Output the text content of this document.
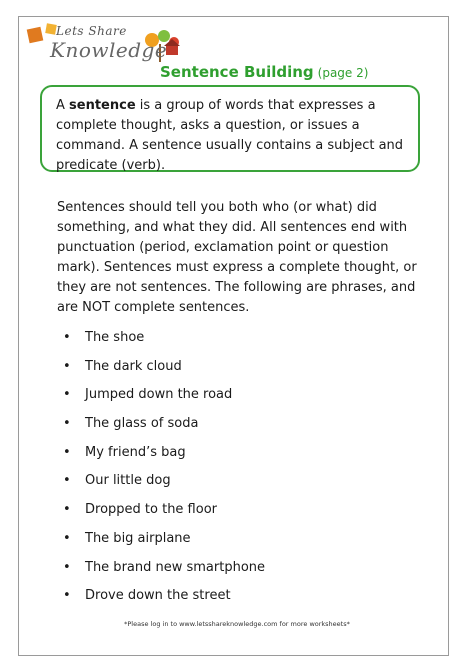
Lets Share
Knowledge
Sentence Building (page 2)
A sentence is a group of words that expresses a complete thought, asks a question, or issues a command. A sentence usually contains a subject and predicate (verb).
Sentences should tell you both who (or what) did something, and what they did. All sentences end with punctuation (period, exclamation point or question mark). Sentences must express a complete thought, or they are not sentences. The following are phrases, and are NOT complete sentences.
• The shoe
• The dark cloud
• Jumped down the road
• The glass of soda
• My friend’s bag
• Our little dog
• Dropped to the floor
• The big airplane
• The brand new smartphone
• Drove down the street
*Please log in to www.letsshareknowledge.com for more worksheets*
